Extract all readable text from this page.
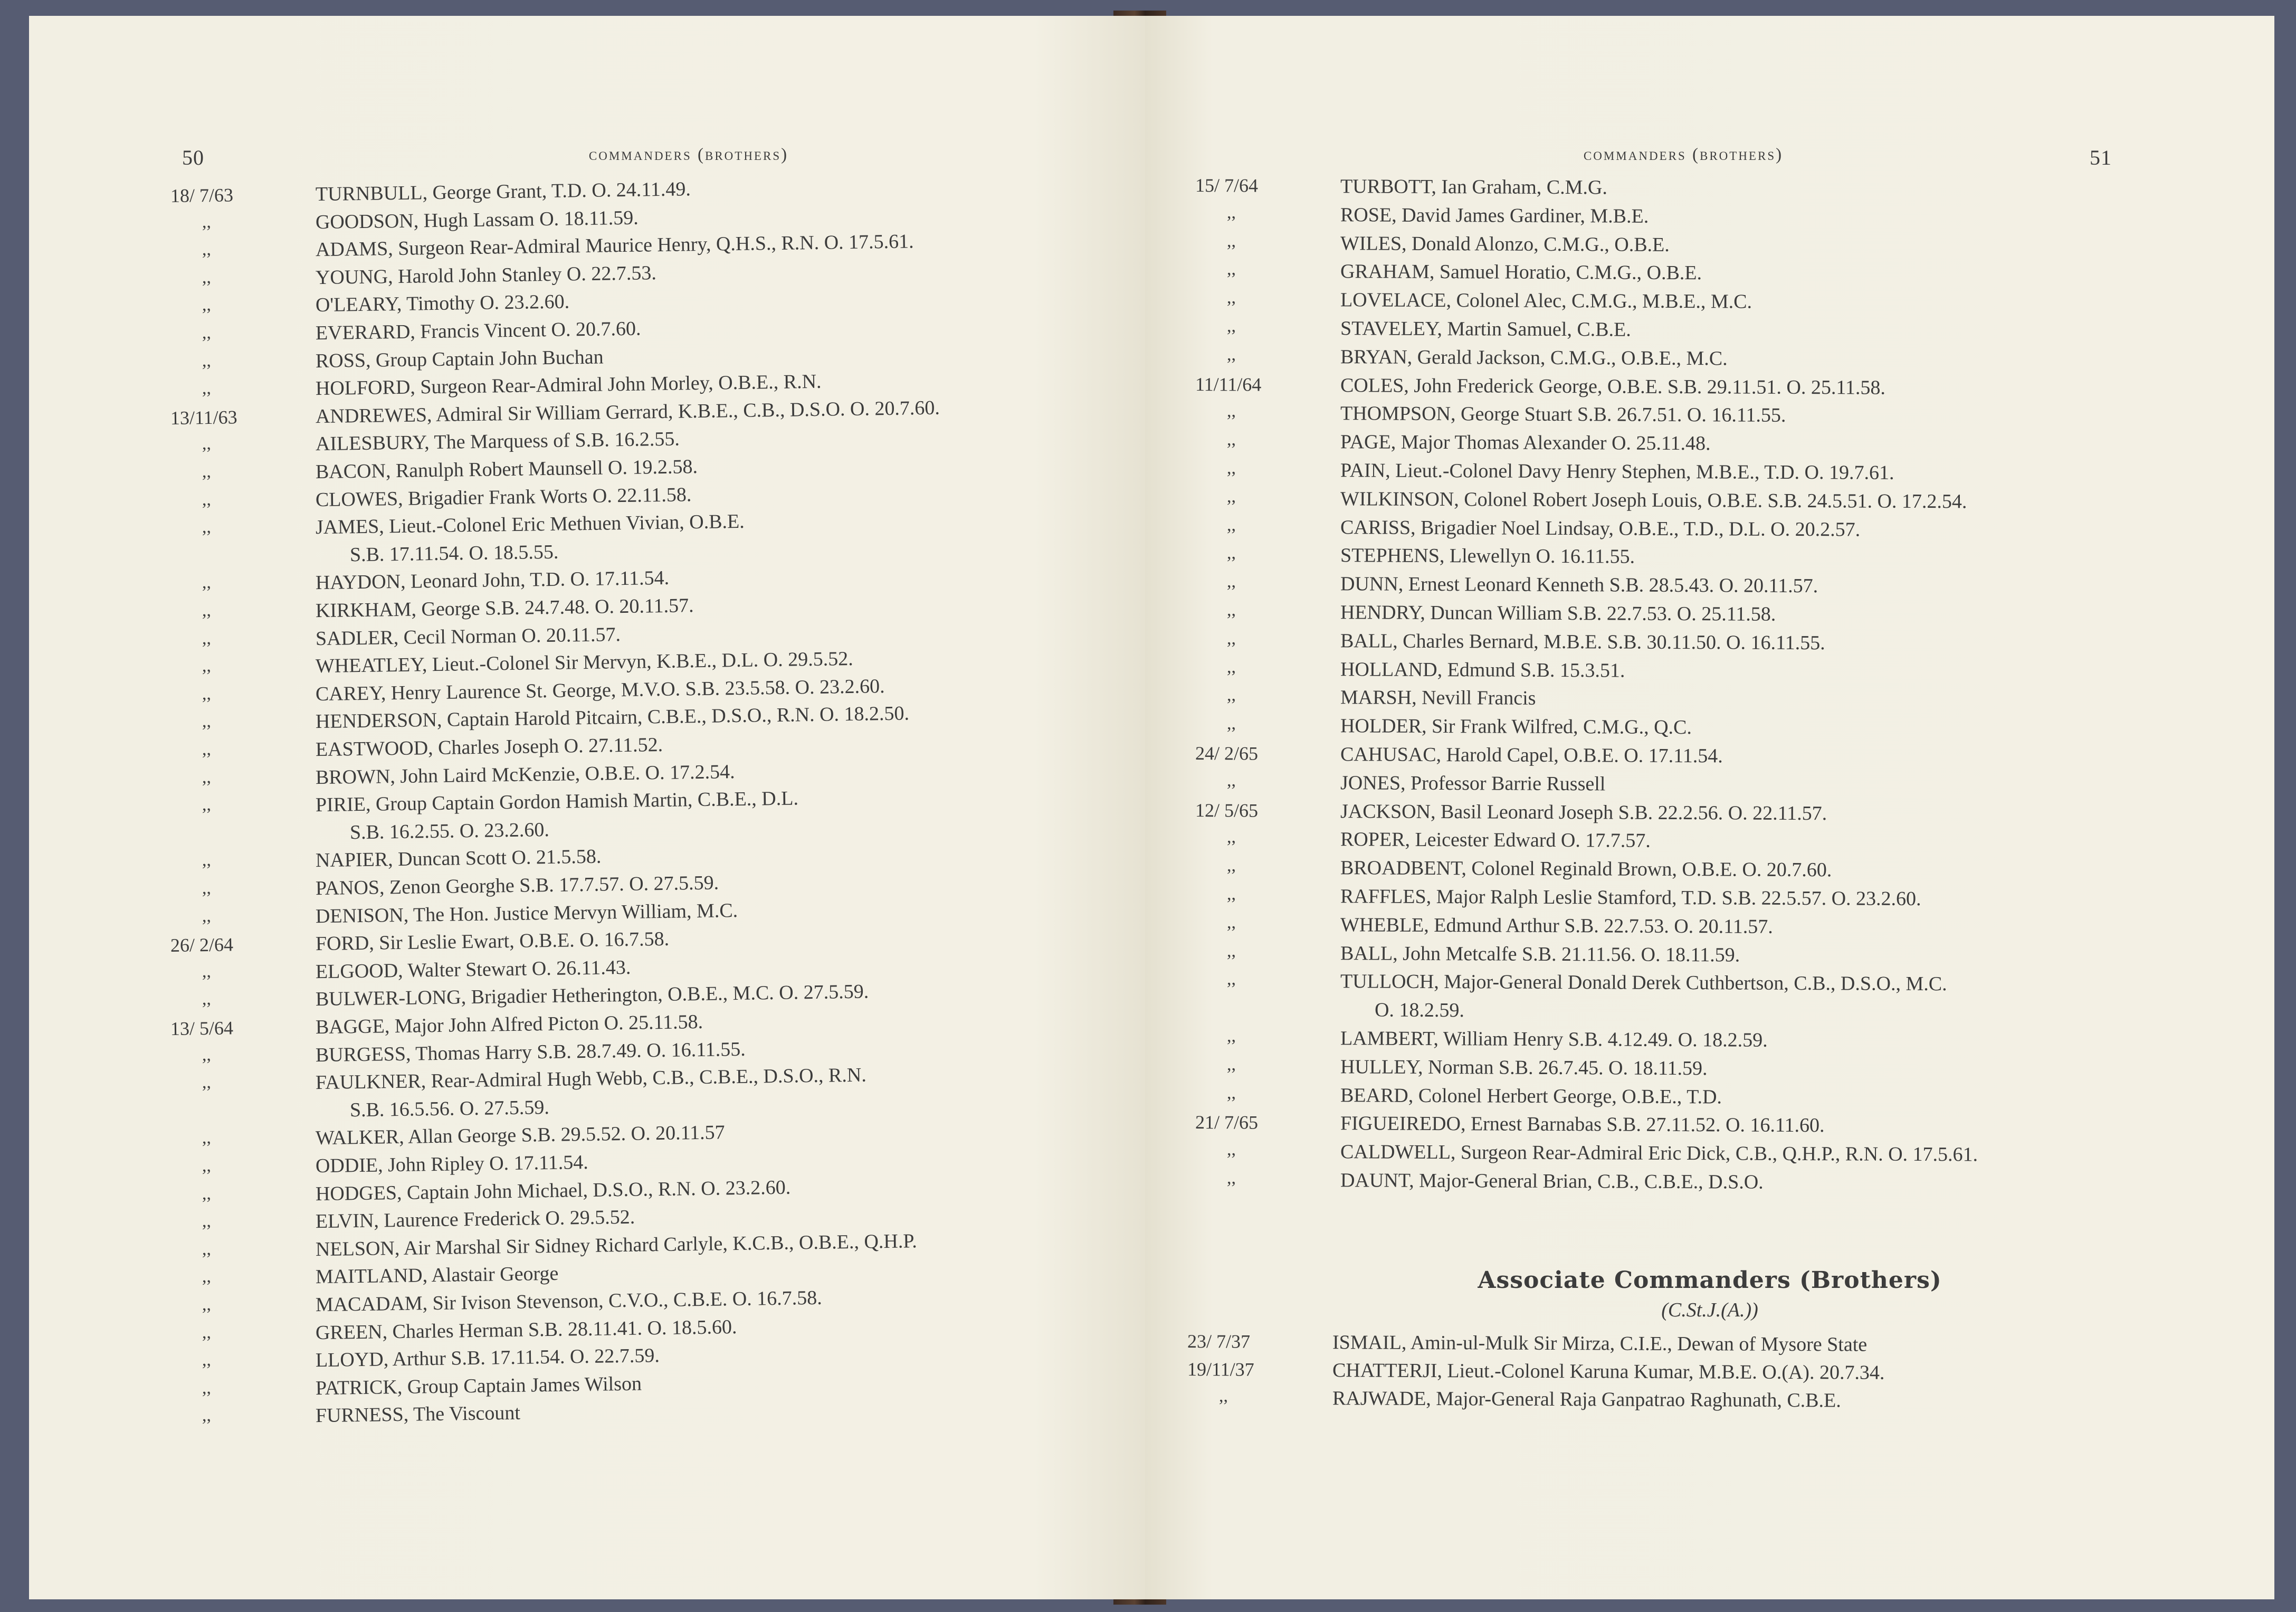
50	commanders (brothers)
18/ 7/63	TURNBULL, George Grant, T.D. O. 24.11.49.
,,	GOODSON, Hugh Lassam O. 18.11.59.
,,	ADAMS, Surgeon Rear-Admiral Maurice Henry, Q.H.S., R.N. O. 17.5.61.
,,	YOUNG, Harold John Stanley O. 22.7.53.
,,	O'LEARY, Timothy O. 23.2.60.
,,	EVERARD, Francis Vincent O. 20.7.60.
,,	ROSS, Group Captain John Buchan
,,	HOLFORD, Surgeon Rear-Admiral John Morley, O.B.E., R.N.
13/11/63	ANDREWES, Admiral Sir William Gerrard, K.B.E., C.B., D.S.O. O. 20.7.60.
,,	AILESBURY, The Marquess of S.B. 16.2.55.
,,	BACON, Ranulph Robert Maunsell O. 19.2.58.
,,	CLOWES, Brigadier Frank Worts O. 22.11.58.
,,	JAMES, Lieut.-Colonel Eric Methuen Vivian, O.B.E.
S.B. 17.11.54. O. 18.5.55.
,,	HAYDON, Leonard John, T.D. O. 17.11.54.
,,	KIRKHAM, George S.B. 24.7.48. O. 20.11.57.
,,	SADLER, Cecil Norman O. 20.11.57.
,,	WHEATLEY, Lieut.-Colonel Sir Mervyn, K.B.E., D.L. O. 29.5.52.
,,	CAREY, Henry Laurence St. George, M.V.O. S.B. 23.5.58. O. 23.2.60.
,,	HENDERSON, Captain Harold Pitcairn, C.B.E., D.S.O., R.N. O. 18.2.50.
,,	EASTWOOD, Charles Joseph O. 27.11.52.
,,	BROWN, John Laird McKenzie, O.B.E. O. 17.2.54.
,,	PIRIE, Group Captain Gordon Hamish Martin, C.B.E., D.L.
S.B. 16.2.55. O. 23.2.60.
,,	NAPIER, Duncan Scott O. 21.5.58.
,,	PANOS, Zenon Georghe S.B. 17.7.57. O. 27.5.59.
,,	DENISON, The Hon. Justice Mervyn William, M.C.
26/ 2/64	FORD, Sir Leslie Ewart, O.B.E. O. 16.7.58.
,,	ELGOOD, Walter Stewart O. 26.11.43.
,,	BULWER-LONG, Brigadier Hetherington, O.B.E., M.C. O. 27.5.59.
13/ 5/64	BAGGE, Major John Alfred Picton O. 25.11.58.
,,	BURGESS, Thomas Harry S.B. 28.7.49. O. 16.11.55.
,,	FAULKNER, Rear-Admiral Hugh Webb, C.B., C.B.E., D.S.O., R.N.
S.B. 16.5.56. O. 27.5.59.
,,	WALKER, Allan George S.B. 29.5.52. O. 20.11.57
,,	ODDIE, John Ripley O. 17.11.54.
,,	HODGES, Captain John Michael, D.S.O., R.N. O. 23.2.60.
,,	ELVIN, Laurence Frederick O. 29.5.52.
,,	NELSON, Air Marshal Sir Sidney Richard Carlyle, K.C.B., O.B.E., Q.H.P.
,,	MAITLAND, Alastair George
,,	MACADAM, Sir Ivison Stevenson, C.V.O., C.B.E. O. 16.7.58.
,,	GREEN, Charles Herman S.B. 28.11.41. O. 18.5.60.
,,	LLOYD, Arthur S.B. 17.11.54. O. 22.7.59.
,,	PATRICK, Group Captain James Wilson
,,	FURNESS, The Viscount
51
commanders (brothers)
15/ 7/64	TURBOTT, Ian Graham, C.M.G.
,,	ROSE, David James Gardiner, M.B.E.
,,	WILES, Donald Alonzo, C.M.G., O.B.E.
,,	GRAHAM, Samuel Horatio, C.M.G., O.B.E.
,,	LOVELACE, Colonel Alec, C.M.G., M.B.E., M.C.
,,	STAVELEY, Martin Samuel, C.B.E.
,,	BRYAN, Gerald Jackson, C.M.G., O.B.E., M.C.
11/11/64	COLES, John Frederick George, O.B.E. S.B. 29.11.51. O. 25.11.58.
,,	THOMPSON, George Stuart S.B. 26.7.51. O. 16.11.55.
,,	PAGE, Major Thomas Alexander O. 25.11.48.
,,	PAIN, Lieut.-Colonel Davy Henry Stephen, M.B.E., T.D. O. 19.7.61.
,,	WILKINSON, Colonel Robert Joseph Louis, O.B.E. S.B. 24.5.51. O. 17.2.54.
,,	CARISS, Brigadier Noel Lindsay, O.B.E., T.D., D.L. O. 20.2.57.
,,	STEPHENS, Llewellyn O. 16.11.55.
,,	DUNN, Ernest Leonard Kenneth S.B. 28.5.43. O. 20.11.57.
,,	HENDRY, Duncan William S.B. 22.7.53. O. 25.11.58.
,,	BALL, Charles Bernard, M.B.E. S.B. 30.11.50. O. 16.11.55.
,,	HOLLAND, Edmund S.B. 15.3.51.
,,	MARSH, Nevill Francis
,,	HOLDER, Sir Frank Wilfred, C.M.G., Q.C.
24/ 2/65	CAHUSAC, Harold Capel, O.B.E. O. 17.11.54.
,,	JONES, Professor Barrie Russell
12/ 5/65	JACKSON, Basil Leonard Joseph S.B. 22.2.56. O. 22.11.57.
,,	ROPER, Leicester Edward O. 17.7.57.
,,	BROADBENT, Colonel Reginald Brown, O.B.E. O. 20.7.60.
,,	RAFFLES, Major Ralph Leslie Stamford, T.D. S.B. 22.5.57. O. 23.2.60.
,,	WHEBLE, Edmund Arthur S.B. 22.7.53. O. 20.11.57.
,,	BALL, John Metcalfe S.B. 21.11.56. O. 18.11.59.
,,	TULLOCH, Major-General Donald Derek Cuthbertson, C.B., D.S.O., M.C.
O. 18.2.59.
,,	LAMBERT, William Henry S.B. 4.12.49. O. 18.2.59.
,,	HULLEY, Norman S.B. 26.7.45. O. 18.11.59.
,,	BEARD, Colonel Herbert George, O.B.E., T.D.
21/ 7/65	FIGUEIREDO, Ernest Barnabas S.B. 27.11.52. O. 16.11.60.
,,	CALDWELL, Surgeon Rear-Admiral Eric Dick, C.B., Q.H.P., R.N. O. 17.5.61.
,,	DAUNT, Major-General Brian, C.B., C.B.E., D.S.O.
Associate Commanders (Brothers)
(C.St.J.(A.))
23/ 7/37	ISMAIL, Amin-ul-Mulk Sir Mirza, C.I.E., Dewan of Mysore State
19/11/37	CHATTERJI, Lieut.-Colonel Karuna Kumar, M.B.E. O.(A). 20.7.34.
,,	RAJWADE, Major-General Raja Ganpatrao Raghunath, C.B.E.
